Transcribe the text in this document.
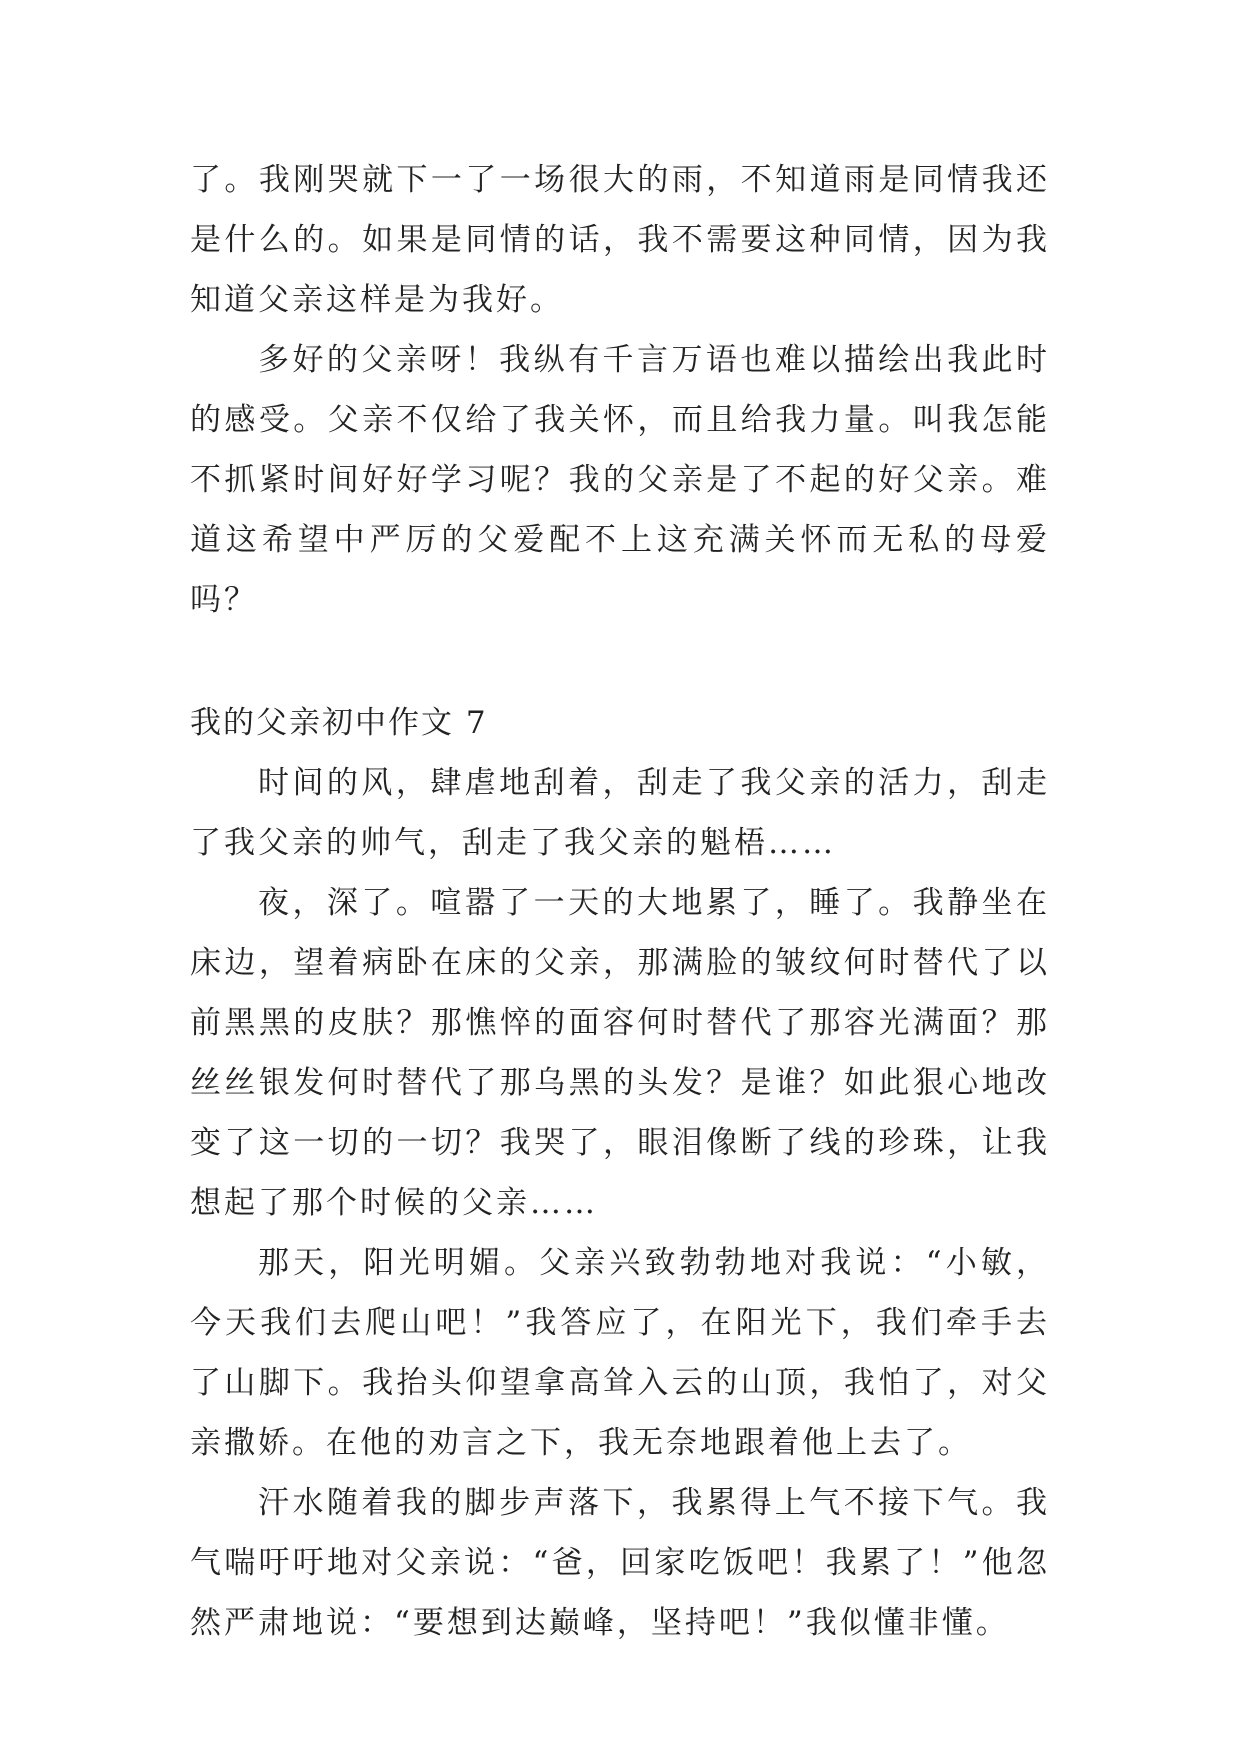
了。我刚哭就下一了一场很大的雨，不知道雨是同情我还是什么的。如果是同情的话，我不需要这种同情，因为我知道父亲这样是为我好。

多好的父亲呀！我纵有千言万语也难以描绘出我此时的感受。父亲不仅给了我关怀，而且给我力量。叫我怎能不抓紧时间好好学习呢？我的父亲是了不起的好父亲。难道这希望中严厉的父爱配不上这充满关怀而无私的母爱吗？

我的父亲初中作文 7

时间的风，肆虐地刮着，刮走了我父亲的活力，刮走了我父亲的帅气，刮走了我父亲的魁梧……

夜，深了。喧嚣了一天的大地累了，睡了。我静坐在床边，望着病卧在床的父亲，那满脸的皱纹何时替代了以前黑黑的皮肤？那憔悴的面容何时替代了那容光满面？那丝丝银发何时替代了那乌黑的头发？是谁？如此狠心地改变了这一切的一切？我哭了，眼泪像断了线的珍珠，让我想起了那个时候的父亲……

那天，阳光明媚。父亲兴致勃勃地对我说：“小敏，今天我们去爬山吧！”我答应了，在阳光下，我们牵手去了山脚下。我抬头仰望拿高耸入云的山顶，我怕了，对父亲撒娇。在他的劝言之下，我无奈地跟着他上去了。

汗水随着我的脚步声落下，我累得上气不接下气。我气喘吁吁地对父亲说：“爸，回家吃饭吧！我累了！”他忽然严肃地说：“要想到达巅峰，坚持吧！”我似懂非懂。
